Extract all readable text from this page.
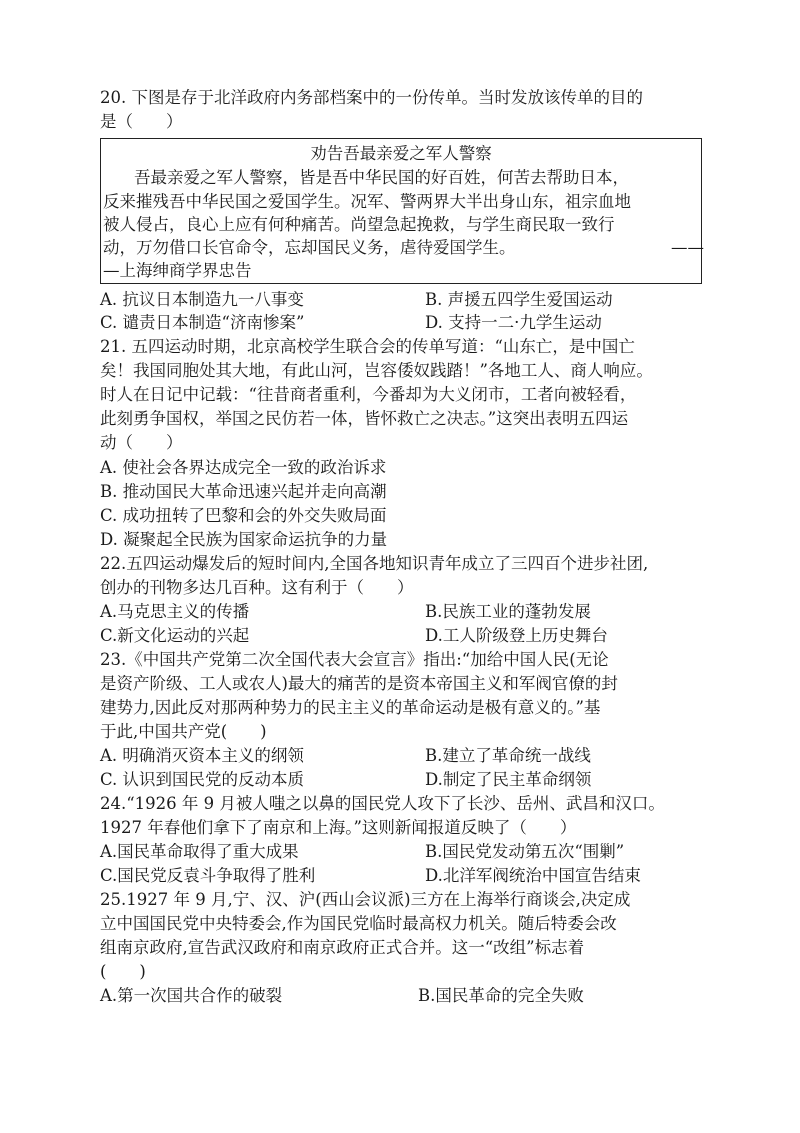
20. 下图是存于北洋政府内务部档案中的一份传单。当时发放该传单的目的
是（　　）
劝告吾最亲爱之军人警察
吾最亲爱之军人警察，皆是吾中华民国的好百姓，何苦去帮助日本，
反来摧残吾中华民国之爱国学生。况军、警两界大半出身山东，祖宗血地
被人侵占，良心上应有何种痛苦。尚望急起挽救，与学生商民取一致行
动，万勿借口长官命令，忘却国民义务，虐待爱国学生。	——
—上海绅商学界忠告
A. 抗议日本制造九一八事变	B. 声援五四学生爱国运动
C. 谴责日本制造“济南惨案”	D. 支持一二·九学生运动
21. 五四运动时期，北京高校学生联合会的传单写道：“山东亡，是中国亡
矣！我国同胞处其大地，有此山河，岂容倭奴践踏！”各地工人、商人响应。
时人在日记中记载：“往昔商者重利，今番却为大义闭市，工者向被轻看，
此刻勇争国权，举国之民仿若一体，皆怀救亡之决志。”这突出表明五四运
动（　　）
A. 使社会各界达成完全一致的政治诉求
B. 推动国民大革命迅速兴起并走向高潮
C. 成功扭转了巴黎和会的外交失败局面
D. 凝聚起全民族为国家命运抗争的力量
22.五四运动爆发后的短时间内,全国各地知识青年成立了三四百个进步社团,
创办的刊物多达几百种。这有利于（　　）
A.马克思主义的传播	B.民族工业的蓬勃发展
C.新文化运动的兴起	D.工人阶级登上历史舞台
23.《中国共产党第二次全国代表大会宣言》指出:“加给中国人民(无论
是资产阶级、工人或农人)最大的痛苦的是资本帝国主义和军阀官僚的封
建势力,因此反对那两种势力的民主主义的革命运动是极有意义的。”基
于此,中国共产党(　　)
A. 明确消灭资本主义的纲领	B.建立了革命统一战线
C. 认识到国民党的反动本质	D.制定了民主革命纲领
24.“1926 年 9 月被人嗤之以鼻的国民党人攻下了长沙、岳州、武昌和汉口。
1927 年春他们拿下了南京和上海。”这则新闻报道反映了（　　）
A.国民革命取得了重大成果	B.国民党发动第五次“围剿”
C.国民党反袁斗争取得了胜利	D.北洋军阀统治中国宣告结束
25.1927 年 9 月,宁、汉、沪(西山会议派)三方在上海举行商谈会,决定成
立中国国民党中央特委会,作为国民党临时最高权力机关。随后特委会改
组南京政府,宣告武汉政府和南京政府正式合并。这一“改组”标志着
(　　)
A.第一次国共合作的破裂	B.国民革命的完全失败
